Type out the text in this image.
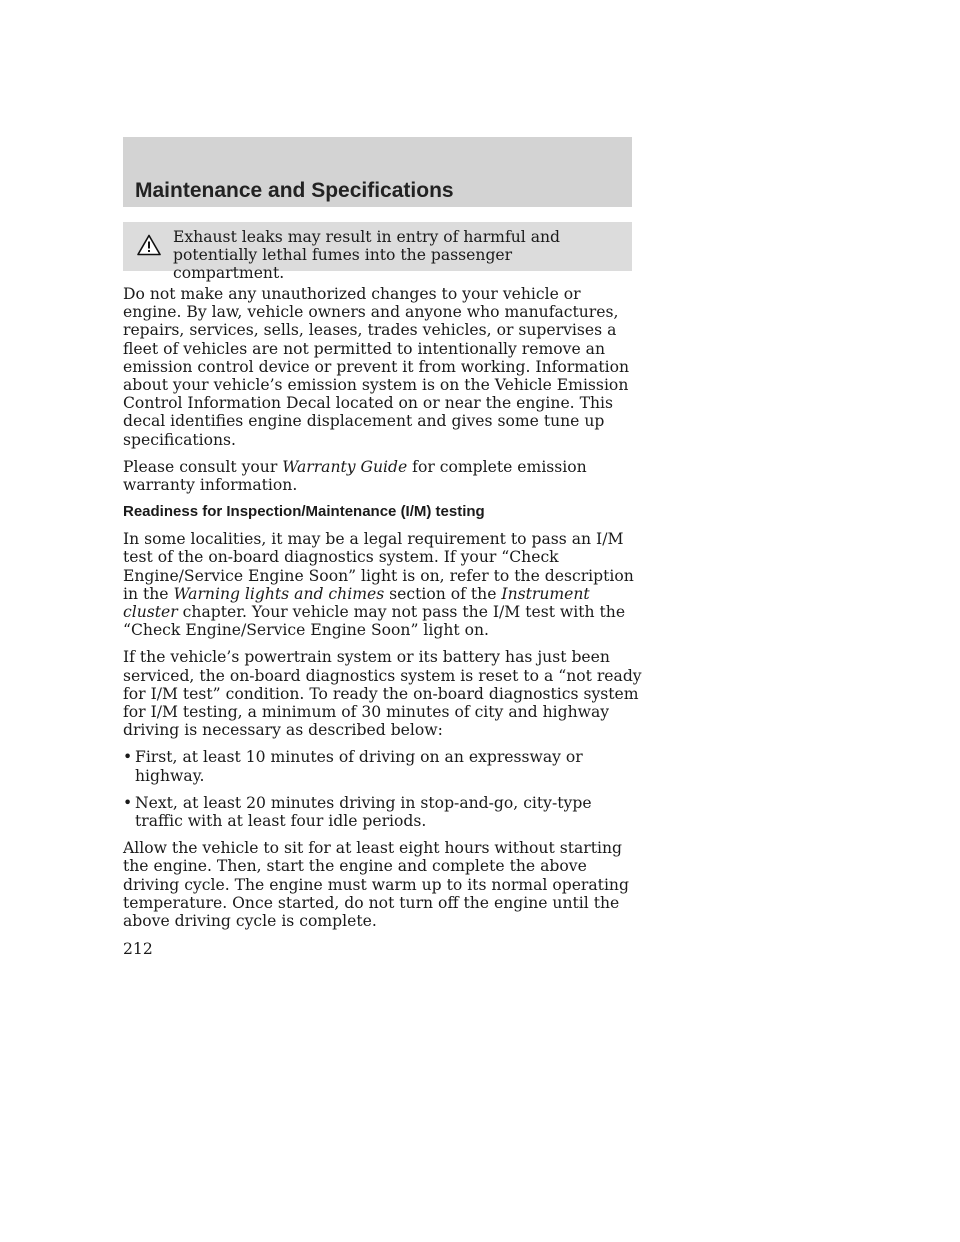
Maintenance and Specifications

Exhaust leaks may result in entry of harmful and potentially lethal fumes into the passenger compartment.

Do not make any unauthorized changes to your vehicle or engine. By law, vehicle owners and anyone who manufactures, repairs, services, sells, leases, trades vehicles, or supervises a fleet of vehicles are not permitted to intentionally remove an emission control device or prevent it from working. Information about your vehicle’s emission system is on the Vehicle Emission Control Information Decal located on or near the engine. This decal identifies engine displacement and gives some tune up specifications.

Please consult your Warranty Guide for complete emission warranty information.

Readiness for Inspection/Maintenance (I/M) testing

In some localities, it may be a legal requirement to pass an I/M test of the on-board diagnostics system. If your “Check Engine/Service Engine Soon” light is on, refer to the description in the Warning lights and chimes section of the Instrument cluster chapter. Your vehicle may not pass the I/M test with the “Check Engine/Service Engine Soon” light on.

If the vehicle’s powertrain system or its battery has just been serviced, the on-board diagnostics system is reset to a “not ready for I/M test” condition. To ready the on-board diagnostics system for I/M testing, a minimum of 30 minutes of city and highway driving is necessary as described below:

• First, at least 10 minutes of driving on an expressway or highway.
• Next, at least 20 minutes driving in stop-and-go, city-type traffic with at least four idle periods.

Allow the vehicle to sit for at least eight hours without starting the engine. Then, start the engine and complete the above driving cycle. The engine must warm up to its normal operating temperature. Once started, do not turn off the engine until the above driving cycle is complete.

212
